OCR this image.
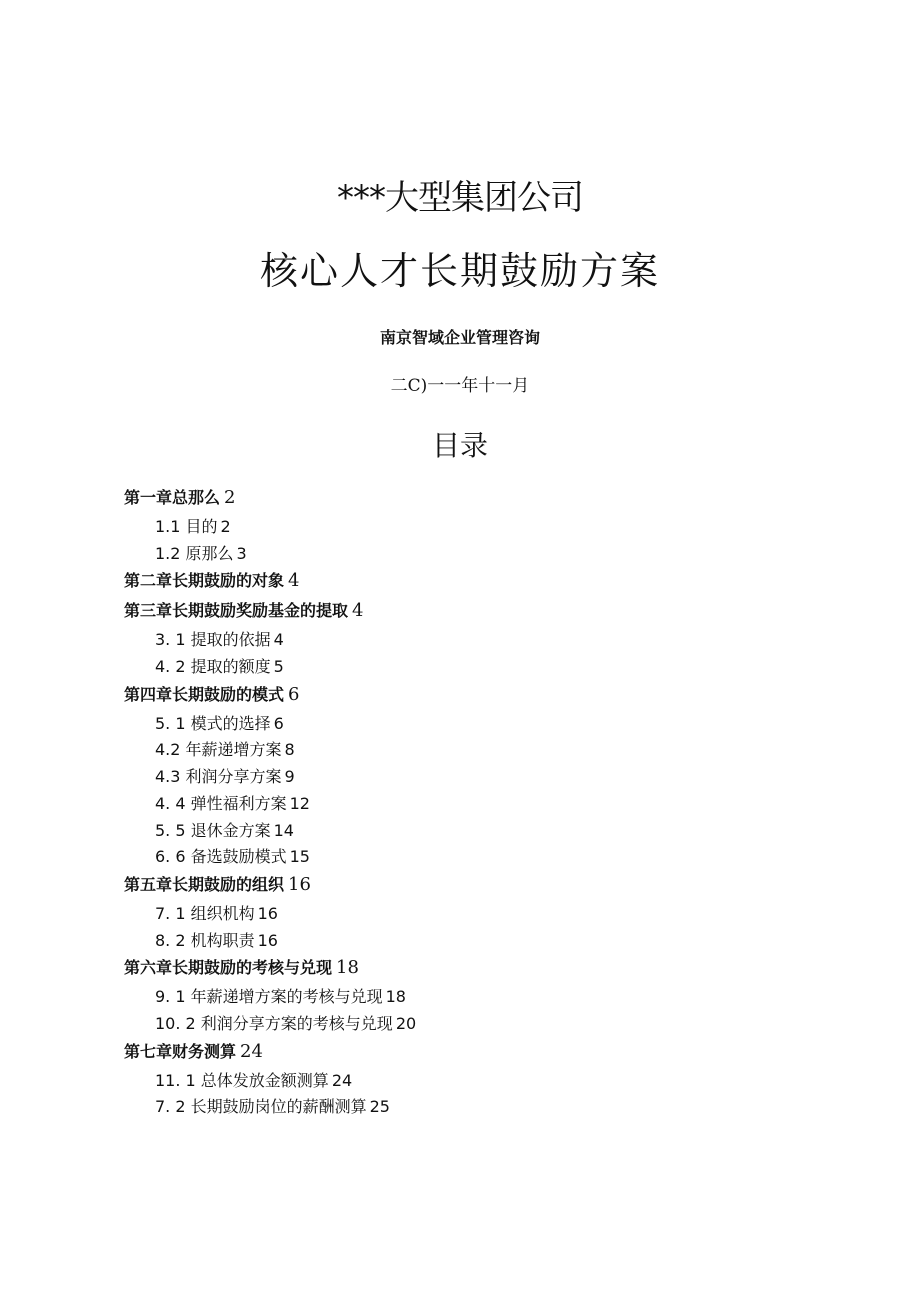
***大型集团公司
核心人才长期鼓励方案
南京智域企业管理咨询
二C)一一年十一月
目录
第一章总那么 2
1.1 目的 2
1.2 原那么 3
第二章长期鼓励的对象 4
第三章长期鼓励奖励基金的提取 4
3. 1 提取的依据 4
4. 2 提取的额度 5
第四章长期鼓励的模式 6
5. 1 模式的选择 6
4.2 年薪递增方案 8
4.3 利润分享方案 9
4. 4 弹性福利方案 12
5. 5 退休金方案 14
6. 6 备选鼓励模式 15
第五章长期鼓励的组织 16
7. 1 组织机构 16
8. 2 机构职责 16
第六章长期鼓励的考核与兑现 18
9. 1 年薪递增方案的考核与兑现 18
10. 2 利润分享方案的考核与兑现 20
第七章财务测算 24
11. 1 总体发放金额测算 24
7. 2 长期鼓励岗位的薪酬测算 25
